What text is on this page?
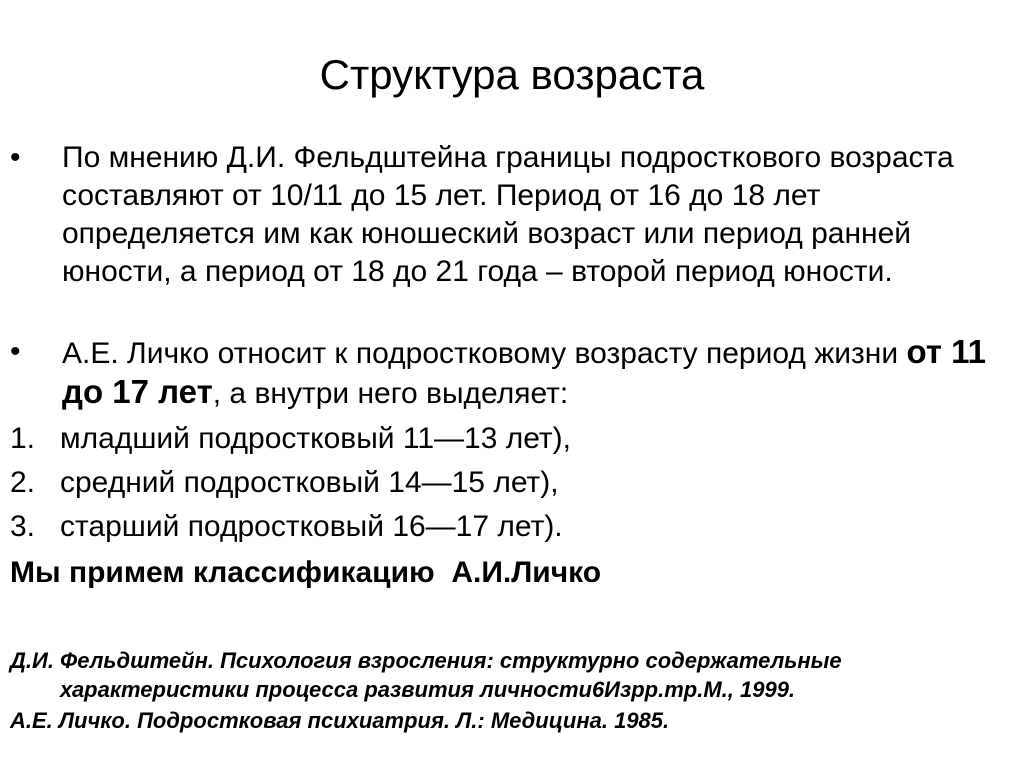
Структура возраста
• По мнению Д.И. Фельдштейна границы подросткового возраста составляют от 10/11 до 15 лет. Период от 16 до 18 лет определяется им как юношеский возраст или период ранней юности, а период от 18 до 21 года – второй период юности.
• А.Е. Личко относит к подростковому возрасту период жизни от 11 до 17 лет, а внутри него выделяет:
1. младший подростковый 11—13 лет),
2. средний подростковый 14—15 лет),
3. старший подростковый 16—17 лет).
Мы примем классификацию  А.И.Личко
Д.И. Фельдштейн. Психология взросления: структурно содержательные
характеристики процесса развития личности6Изрр.тр.М., 1999.
А.Е. Личко. Подростковая психиатрия. Л.: Медицина. 1985.
